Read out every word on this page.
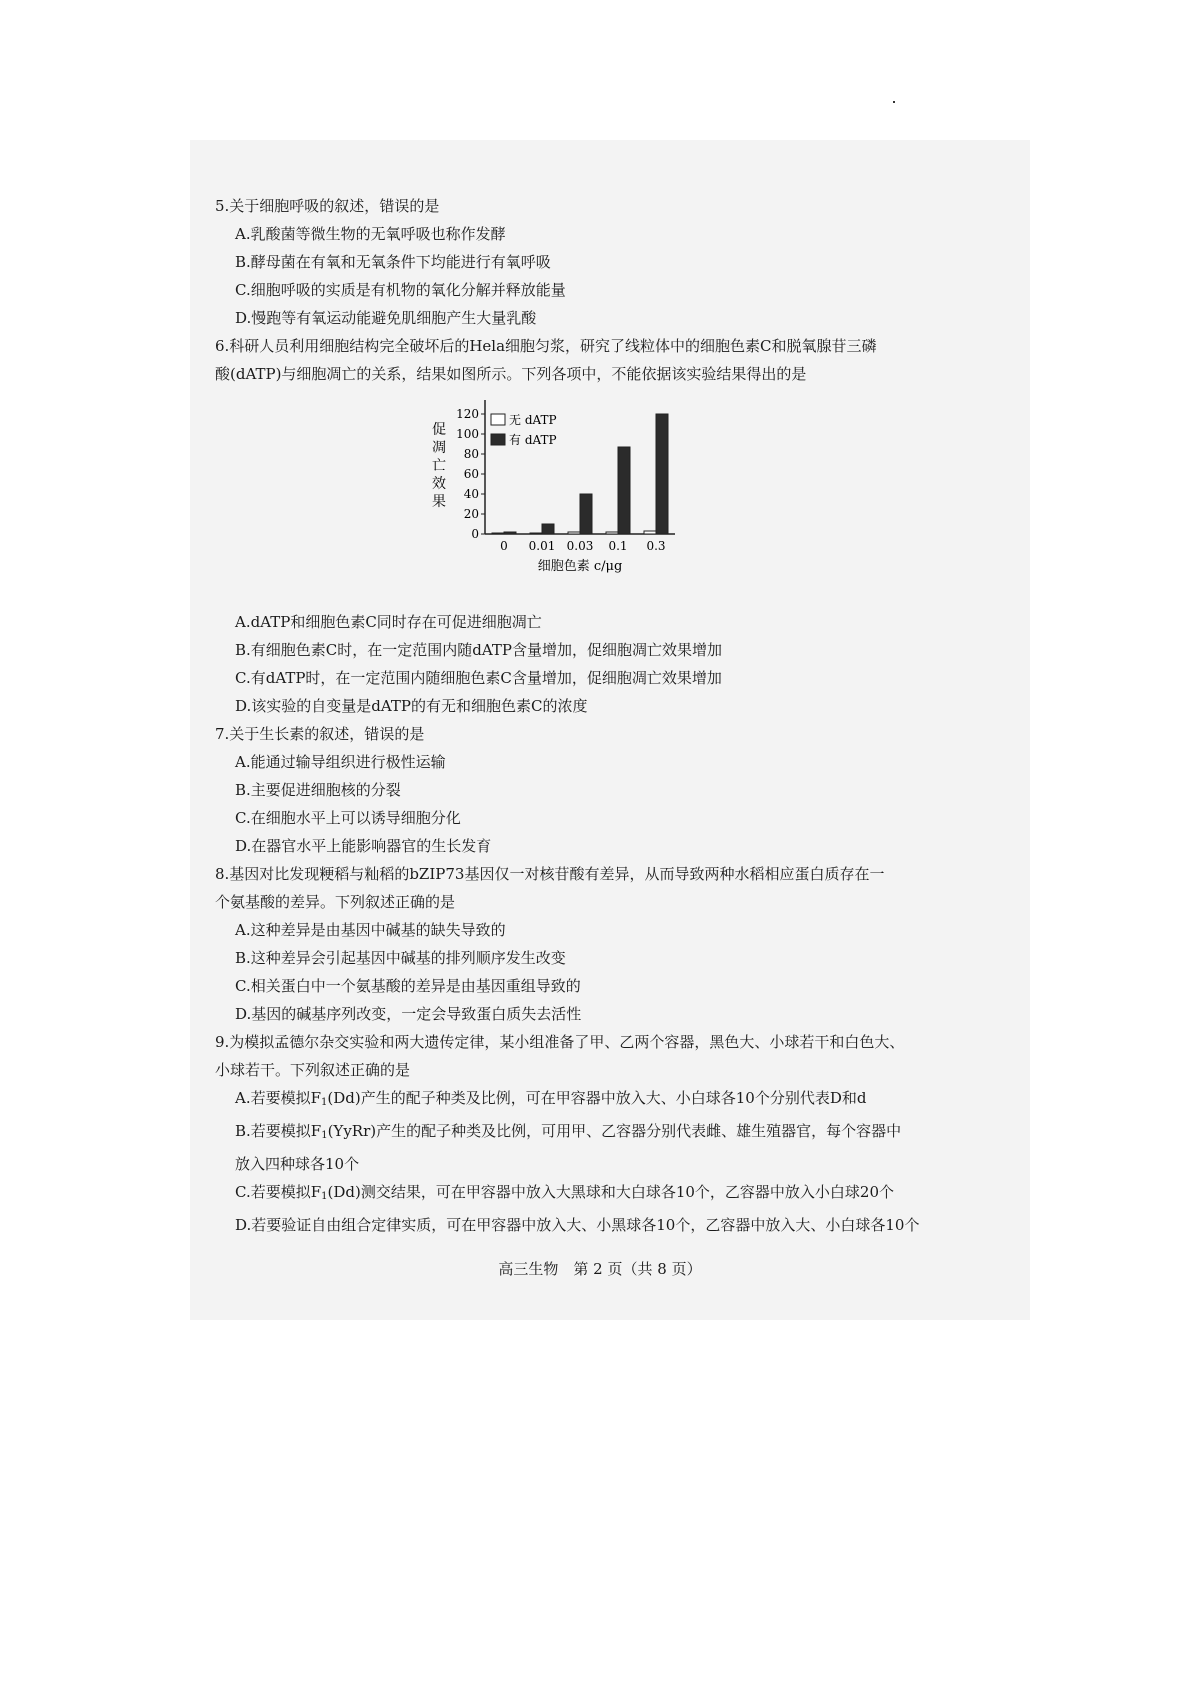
5.关于细胞呼吸的叙述，错误的是
A.乳酸菌等微生物的无氧呼吸也称作发酵
B.酵母菌在有氧和无氧条件下均能进行有氧呼吸
C.细胞呼吸的实质是有机物的氧化分解并释放能量
D.慢跑等有氧运动能避免肌细胞产生大量乳酸
6.科研人员利用细胞结构完全破坏后的Hela细胞匀浆，研究了线粒体中的细胞色素C和脱氧腺苷三磷
酸(dATP)与细胞凋亡的关系，结果如图所示。下列各项中，不能依据该实验结果得出的是
0
20
40
60
80
100
120
促
凋
亡
效
果
0 0.01 0.03 0.1 0.3
细胞色素 c/μg
无 dATP
有 dATP
A.dATP和细胞色素C同时存在可促进细胞凋亡
B.有细胞色素C时，在一定范围内随dATP含量增加，促细胞凋亡效果增加
C.有dATP时，在一定范围内随细胞色素C含量增加，促细胞凋亡效果增加
D.该实验的自变量是dATP的有无和细胞色素C的浓度
7.关于生长素的叙述，错误的是
A.能通过输导组织进行极性运输
B.主要促进细胞核的分裂
C.在细胞水平上可以诱导细胞分化
D.在器官水平上能影响器官的生长发育
8.基因对比发现粳稻与籼稻的bZIP73基因仅一对核苷酸有差异，从而导致两种水稻相应蛋白质存在一
个氨基酸的差异。下列叙述正确的是
A.这种差异是由基因中碱基的缺失导致的
B.这种差异会引起基因中碱基的排列顺序发生改变
C.相关蛋白中一个氨基酸的差异是由基因重组导致的
D.基因的碱基序列改变，一定会导致蛋白质失去活性
9.为模拟孟德尔杂交实验和两大遗传定律，某小组准备了甲、乙两个容器，黑色大、小球若干和白色大、
小球若干。下列叙述正确的是
A.若要模拟$F_1(Dd)$产生的配子种类及比例，可在甲容器中放入大、小白球各10个分别代表D和d
B.若要模拟$F_1(YyRr)$产生的配子种类及比例，可用甲、乙容器分别代表雌、雄生殖器官，每个容器中
放入四种球各10个
C.若要模拟$F_1(Dd)$测交结果，可在甲容器中放入大黑球和大白球各10个，乙容器中放入小白球20个
D.若要验证自由组合定律实质，可在甲容器中放入大、小黑球各10个，乙容器中放入大、小白球各10个
高三生物　第 2 页（共 8 页）
